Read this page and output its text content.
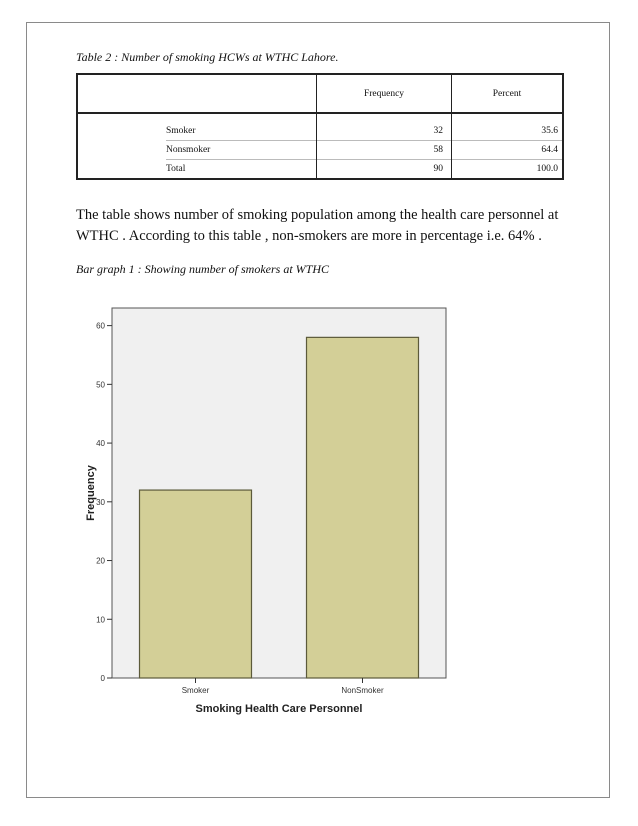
Table 2 : Number of smoking HCWs at WTHC Lahore.
		Frequency	Percent

	Smoker	32	35.6
	Nonsmoker	58	64.4
	Total	90	100.0
The table shows number of smoking population among the health care personnel at WTHC . According to this table , non-smokers are more in percentage i.e. 64% .
Bar graph 1 : Showing number of smokers at WTHC
0
10
20
30
40
50
60
Smoker	NonSmoker
Frequency
Smoking Health Care Personnel
